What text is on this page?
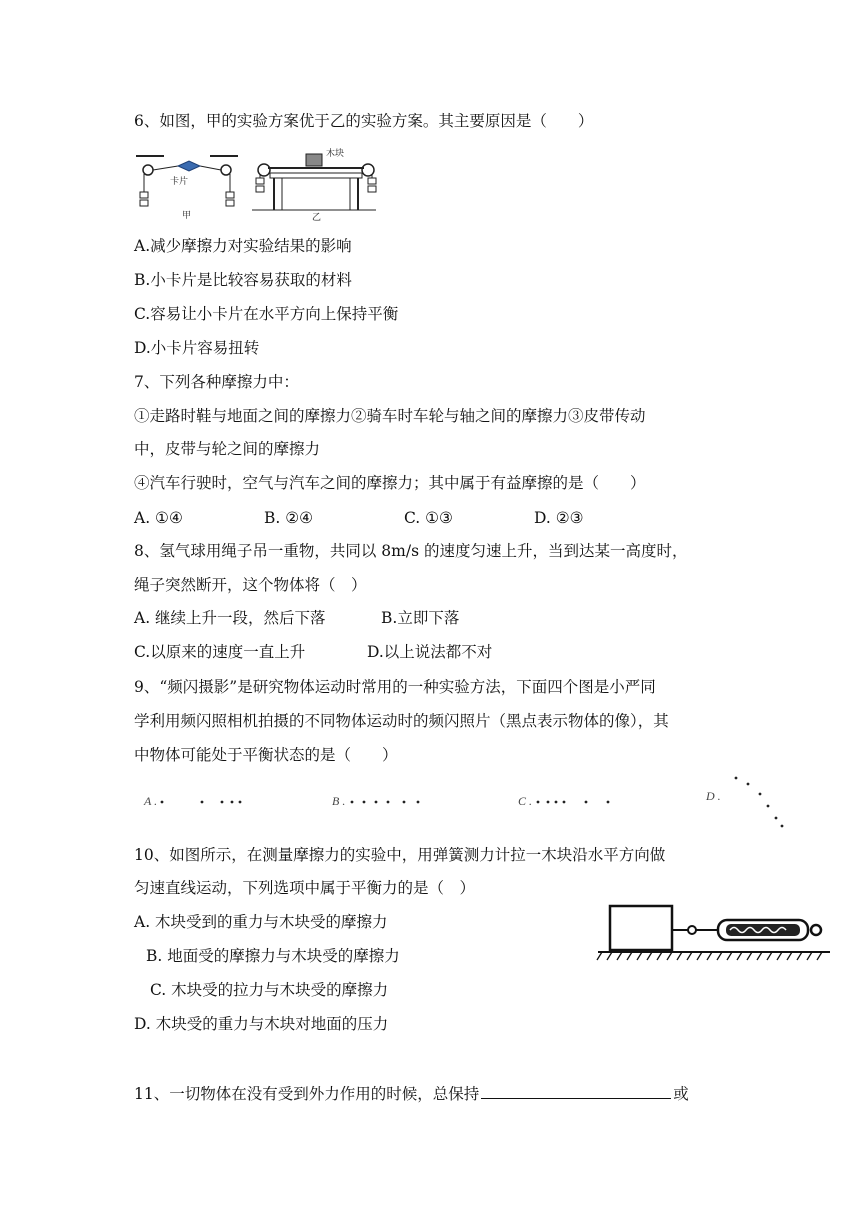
6、如图，甲的实验方案优于乙的实验方案。其主要原因是（　　）
卡片
甲
木块
乙
A.减少摩擦力对实验结果的影响
B.小卡片是比较容易获取的材料
C.容易让小卡片在水平方向上保持平衡
D.小卡片容易扭转
7、下列各种摩擦力中：
①走路时鞋与地面之间的摩擦力②骑车时车轮与轴之间的摩擦力③皮带传动
中，皮带与轮之间的摩擦力
④汽车行驶时，空气与汽车之间的摩擦力；其中属于有益摩擦的是（　　）
A. ①④	B. ②④	C. ①③	D. ②③
8、氢气球用绳子吊一重物，共同以 8m/s 的速度匀速上升，当到达某一高度时，
绳子突然断开，这个物体将（　）
A. 继续上升一段，然后下落	B.立即下落
C.以原来的速度一直上升	D.以上说法都不对
9、“频闪摄影”是研究物体运动时常用的一种实验方法，下面四个图是小严同
学利用频闪照相机拍摄的不同物体运动时的频闪照片（黑点表示物体的像），其
中物体可能处于平衡状态的是（　　）
A .	B .	C .	D .
10、如图所示，在测量摩擦力的实验中，用弹簧测力计拉一木块沿水平方向做
匀速直线运动，下列选项中属于平衡力的是（　）
A. 木块受到的重力与木块受的摩擦力
B. 地面受的摩擦力与木块受的摩擦力
C. 木块受的拉力与木块受的摩擦力
D. 木块受的重力与木块对地面的压力
11、一切物体在没有受到外力作用的时候，总保持	或
